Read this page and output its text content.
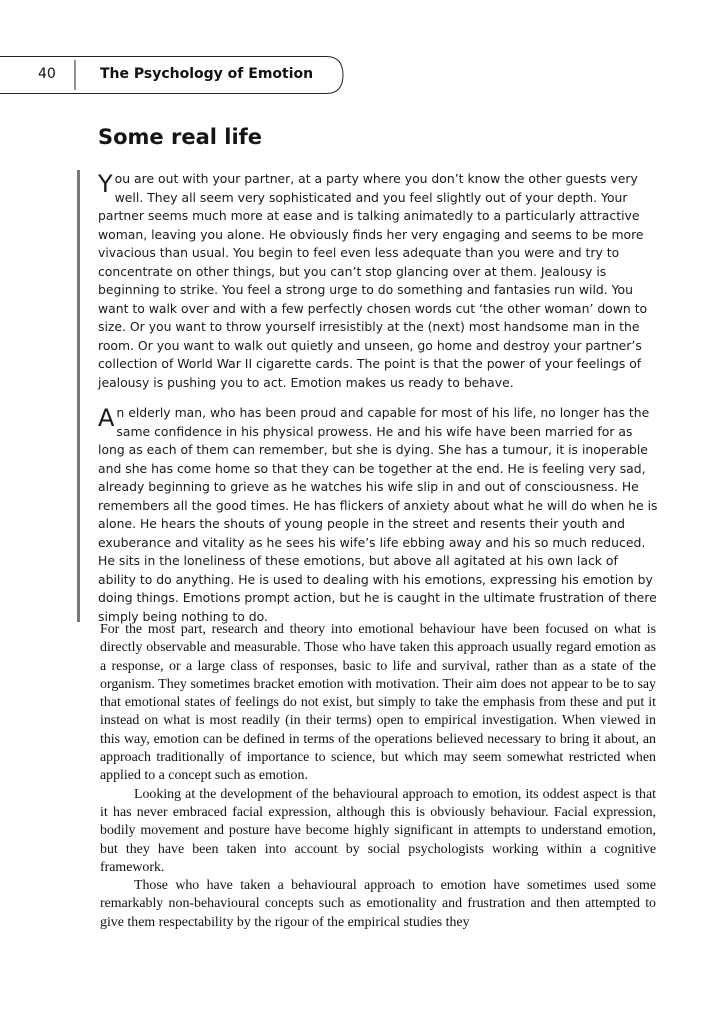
40	The Psychology of Emotion
Some real life

You are out with your partner, at a party where you don’t know the other guests very well. They all seem very sophisticated and you feel slightly out of your depth. Your partner seems much more at ease and is talking animatedly to a particularly attractive woman, leaving you alone. He obviously finds her very engaging and seems to be more vivacious than usual. You begin to feel even less adequate than you were and try to concentrate on other things, but you can’t stop glancing over at them. Jealousy is beginning to strike. You feel a strong urge to do something and fantasies run wild. You want to walk over and with a few perfectly chosen words cut ‘the other woman’ down to size. Or you want to throw yourself irresistibly at the (next) most handsome man in the room. Or you want to walk out quietly and unseen, go home and destroy your partner’s collection of World War II cigarette cards. The point is that the power of your feelings of jealousy is pushing you to act. Emotion makes us ready to behave.

An elderly man, who has been proud and capable for most of his life, no longer has the same confidence in his physical prowess. He and his wife have been married for as long as each of them can remember, but she is dying. She has a tumour, it is inoperable and she has come home so that they can be together at the end. He is feeling very sad, already beginning to grieve as he watches his wife slip in and out of consciousness. He remembers all the good times. He has flickers of anxiety about what he will do when he is alone. He hears the shouts of young people in the street and resents their youth and exuberance and vitality as he sees his wife’s life ebbing away and his so much reduced. He sits in the loneliness of these emotions, but above all agitated at his own lack of ability to do anything. He is used to dealing with his emotions, expressing his emotion by doing things. Emotions prompt action, but he is caught in the ultimate frustration of there simply being nothing to do.

For the most part, research and theory into emotional behaviour have been focused on what is directly observable and measurable. Those who have taken this approach usually regard emotion as a response, or a large class of responses, basic to life and survival, rather than as a state of the organism. They sometimes bracket emotion with motivation. Their aim does not appear to be to say that emotional states of feelings do not exist, but simply to take the emphasis from these and put it instead on what is most readily (in their terms) open to empirical investigation. When viewed in this way, emotion can be defined in terms of the operations believed necessary to bring it about, an approach traditionally of importance to science, but which may seem somewhat restricted when applied to a concept such as emotion.

Looking at the development of the behavioural approach to emotion, its oddest aspect is that it has never embraced facial expression, although this is obviously behaviour. Facial expression, bodily movement and posture have become highly significant in attempts to understand emotion, but they have been taken into account by social psychologists working within a cognitive framework.

Those who have taken a behavioural approach to emotion have sometimes used some remarkably non-behavioural concepts such as emotionality and frustration and then attempted to give them respectability by the rigour of the empirical studies they
